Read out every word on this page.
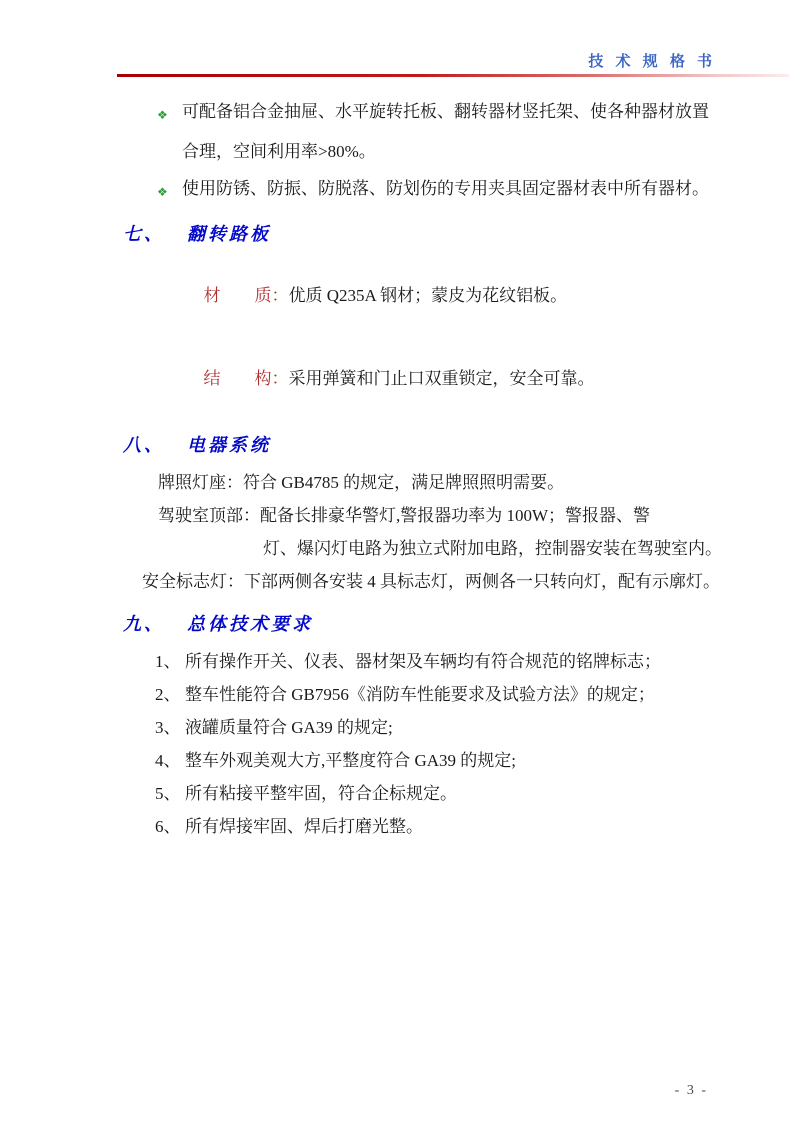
技 术 规 格 书
❖ 可配备铝合金抽屉、水平旋转托板、翻转器材竖托架、使各种器材放置
合理，空间利用率>80%。
❖ 使用防锈、防振、防脱落、防划伤的专用夹具固定器材表中所有器材。
七、 翻转路板

材　　质：优质 Q235A 钢材；蒙皮为花纹铝板。

结　　构：采用弹簧和门止口双重锁定，安全可靠。

八、 电器系统
牌照灯座：符合 GB4785 的规定，满足牌照照明需要。
驾驶室顶部：配备长排豪华警灯,警报器功率为 100W；警报器、警
灯、爆闪灯电路为独立式附加电路，控制器安装在驾驶室内。
安全标志灯：下部两侧各安装 4 具标志灯，两侧各一只转向灯，配有示廓灯。
九、 总体技术要求
1、 所有操作开关、仪表、器材架及车辆均有符合规范的铭牌标志；
2、 整车性能符合 GB7956《消防车性能要求及试验方法》的规定；
3、 液罐质量符合 GA39 的规定;
4、 整车外观美观大方,平整度符合 GA39 的规定;
5、 所有粘接平整牢固，符合企标规定。
6、 所有焊接牢固、焊后打磨光整。
- 3 -
